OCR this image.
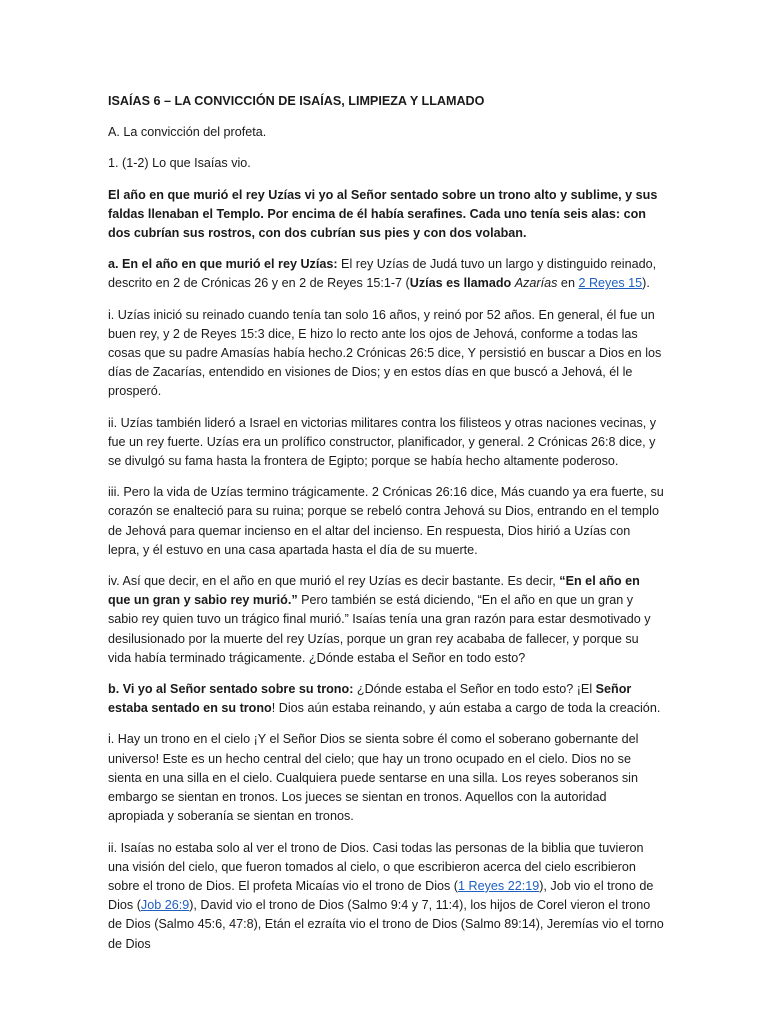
ISAÍAS 6 – LA CONVICCIÓN DE ISAÍAS, LIMPIEZA Y LLAMADO

A. La convicción del profeta.

1. (1-2) Lo que Isaías vio.

El año en que murió el rey Uzías vi yo al Señor sentado sobre un trono alto y sublime, y sus faldas llenaban el Templo. Por encima de él había serafines. Cada uno tenía seis alas: con dos cubrían sus rostros, con dos cubrían sus pies y con dos volaban.

a. En el año en que murió el rey Uzías: El rey Uzías de Judá tuvo un largo y distinguido reinado, descrito en 2 de Crónicas 26 y en 2 de Reyes 15:1-7 (Uzías es llamado Azarías en 2 Reyes 15).

i. Uzías inició su reinado cuando tenía tan solo 16 años, y reinó por 52 años. En general, él fue un buen rey, y 2 de Reyes 15:3 dice, E hizo lo recto ante los ojos de Jehová, conforme a todas las cosas que su padre Amasías había hecho.2 Crónicas 26:5 dice, Y persistió en buscar a Dios en los días de Zacarías, entendido en visiones de Dios; y en estos días en que buscó a Jehová, él le prosperó.

ii. Uzías también lideró a Israel en victorias militares contra los filisteos y otras naciones vecinas, y fue un rey fuerte. Uzías era un prolífico constructor, planificador, y general. 2 Crónicas 26:8 dice, y se divulgó su fama hasta la frontera de Egipto; porque se había hecho altamente poderoso.

iii. Pero la vida de Uzías termino trágicamente. 2 Crónicas 26:16 dice, Más cuando ya era fuerte, su corazón se enalteció para su ruina; porque se rebeló contra Jehová su Dios, entrando en el templo de Jehová para quemar incienso en el altar del incienso. En respuesta, Dios hirió a Uzías con lepra, y él estuvo en una casa apartada hasta el día de su muerte.

iv. Así que decir, en el año en que murió el rey Uzías es decir bastante. Es decir, “En el año en que un gran y sabio rey murió.” Pero también se está diciendo, “En el año en que un gran y sabio rey quien tuvo un trágico final murió.” Isaías tenía una gran razón para estar desmotivado y desilusionado por la muerte del rey Uzías, porque un gran rey acababa de fallecer, y porque su vida había terminado trágicamente. ¿Dónde estaba el Señor en todo esto?

b. Vi yo al Señor sentado sobre su trono: ¿Dónde estaba el Señor en todo esto? ¡El Señor estaba sentado en su trono! Dios aún estaba reinando, y aún estaba a cargo de toda la creación.

i. Hay un trono en el cielo ¡Y el Señor Dios se sienta sobre él como el soberano gobernante del universo! Este es un hecho central del cielo; que hay un trono ocupado en el cielo. Dios no se sienta en una silla en el cielo. Cualquiera puede sentarse en una silla. Los reyes soberanos sin embargo se sientan en tronos. Los jueces se sientan en tronos. Aquellos con la autoridad apropiada y soberanía se sientan en tronos.

ii. Isaías no estaba solo al ver el trono de Dios. Casi todas las personas de la biblia que tuvieron una visión del cielo, que fueron tomados al cielo, o que escribieron acerca del cielo escribieron sobre el trono de Dios. El profeta Micaías vio el trono de Dios (1 Reyes 22:19), Job vio el trono de Dios (Job 26:9), David vio el trono de Dios (Salmo 9:4 y 7, 11:4), los hijos de Corel vieron el trono de Dios (Salmo 45:6, 47:8), Etán el ezraíta vio el trono de Dios (Salmo 89:14), Jeremías vio el torno de Dios
